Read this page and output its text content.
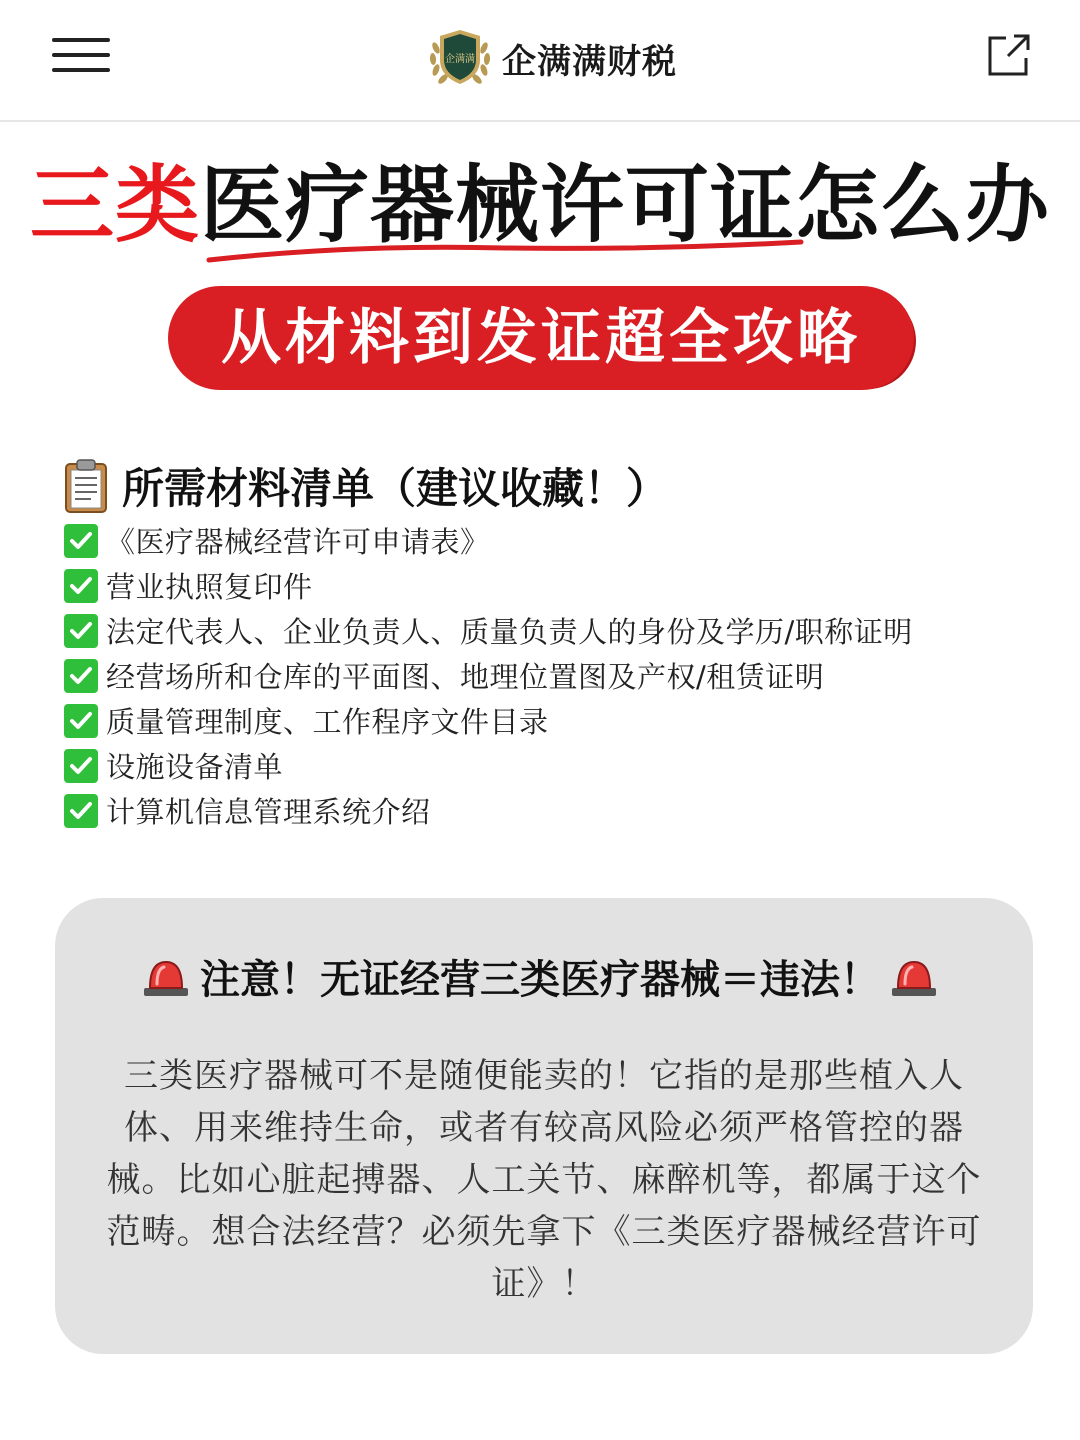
企满满 企满满财税
三类医疗器械许可证怎么办
从材料到发证超全攻略
所需材料清单（建议收藏！）
《医疗器械经营许可申请表》
营业执照复印件
法定代表人、企业负责人、质量负责人的身份及学历/职称证明
经营场所和仓库的平面图、地理位置图及产权/租赁证明
质量管理制度、工作程序文件目录
设施设备清单
计算机信息管理系统介绍
注意！无证经营三类医疗器械＝违法！

三类医疗器械可不是随便能卖的！它指的是那些植入人体、用来维持生命，或者有较高风险必须严格管控的器械。比如心脏起搏器、人工关节、麻醉机等，都属于这个范畴。想合法经营？必须先拿下《三类医疗器械经营许可证》！
